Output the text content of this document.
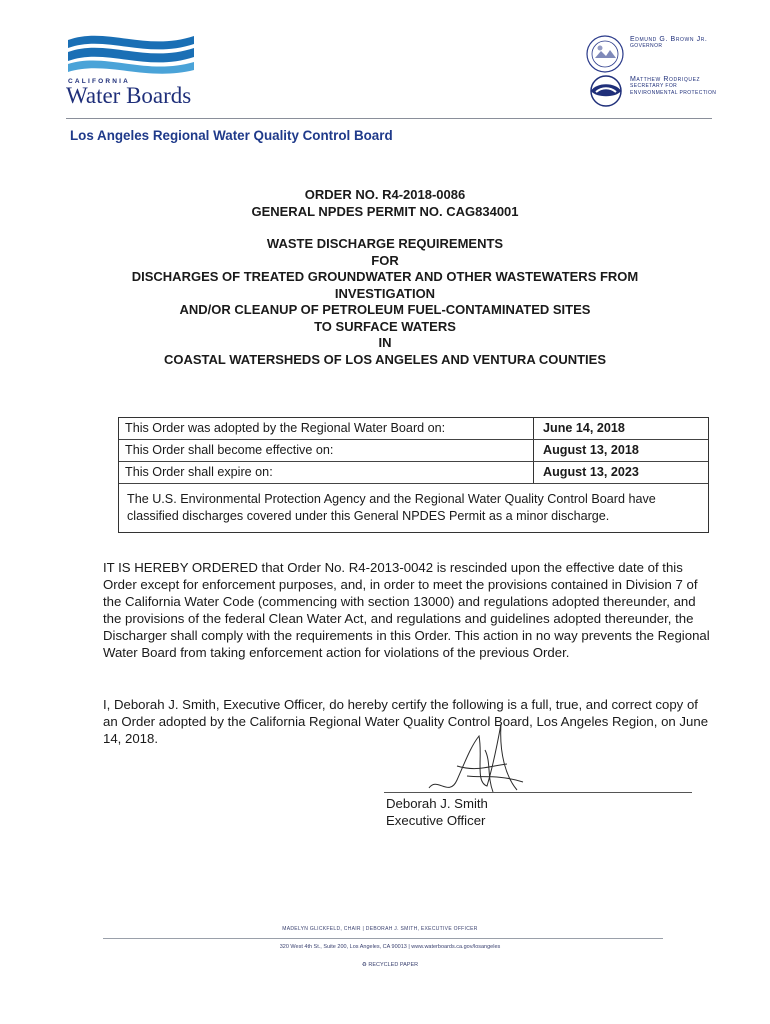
CALIFORNIA
Water Boards
Edmund G. Brown Jr.
GOVERNOR
Matthew Rodriquez
SECRETARY FOR
ENVIRONMENTAL PROTECTION
Los Angeles Regional Water Quality Control Board
ORDER NO. R4-2018-0086
GENERAL NPDES PERMIT NO. CAG834001
WASTE DISCHARGE REQUIREMENTS
FOR
DISCHARGES OF TREATED GROUNDWATER AND OTHER WASTEWATERS FROM
INVESTIGATION
AND/OR CLEANUP OF PETROLEUM FUEL-CONTAMINATED SITES
TO SURFACE WATERS
IN
COASTAL WATERSHEDS OF LOS ANGELES AND VENTURA COUNTIES
This Order was adopted by the Regional Water Board on:	June 14, 2018
This Order shall become effective on:	August 13, 2018
This Order shall expire on:	August 13, 2023
The U.S. Environmental Protection Agency and the Regional Water Quality Control Board have classified discharges covered under this General NPDES Permit as a minor discharge.
IT IS HEREBY ORDERED that Order No. R4-2013-0042 is rescinded upon the effective date of this Order except for enforcement purposes, and, in order to meet the provisions contained in Division 7 of the California Water Code (commencing with section 13000) and regulations adopted thereunder, and the provisions of the federal Clean Water Act, and regulations and guidelines adopted thereunder, the Discharger shall comply with the requirements in this Order. This action in no way prevents the Regional Water Board from taking enforcement action for violations of the previous Order.
I, Deborah J. Smith, Executive Officer, do hereby certify the following is a full, true, and correct copy of an Order adopted by the California Regional Water Quality Control Board, Los Angeles Region, on June 14, 2018.
Deborah J. Smith
Executive Officer
MADELYN GLICKFELD, CHAIR | DEBORAH J. SMITH, EXECUTIVE OFFICER
320 West 4th St., Suite 200, Los Angeles, CA 90013 | www.waterboards.ca.gov/losangeles
♻ RECYCLED PAPER
